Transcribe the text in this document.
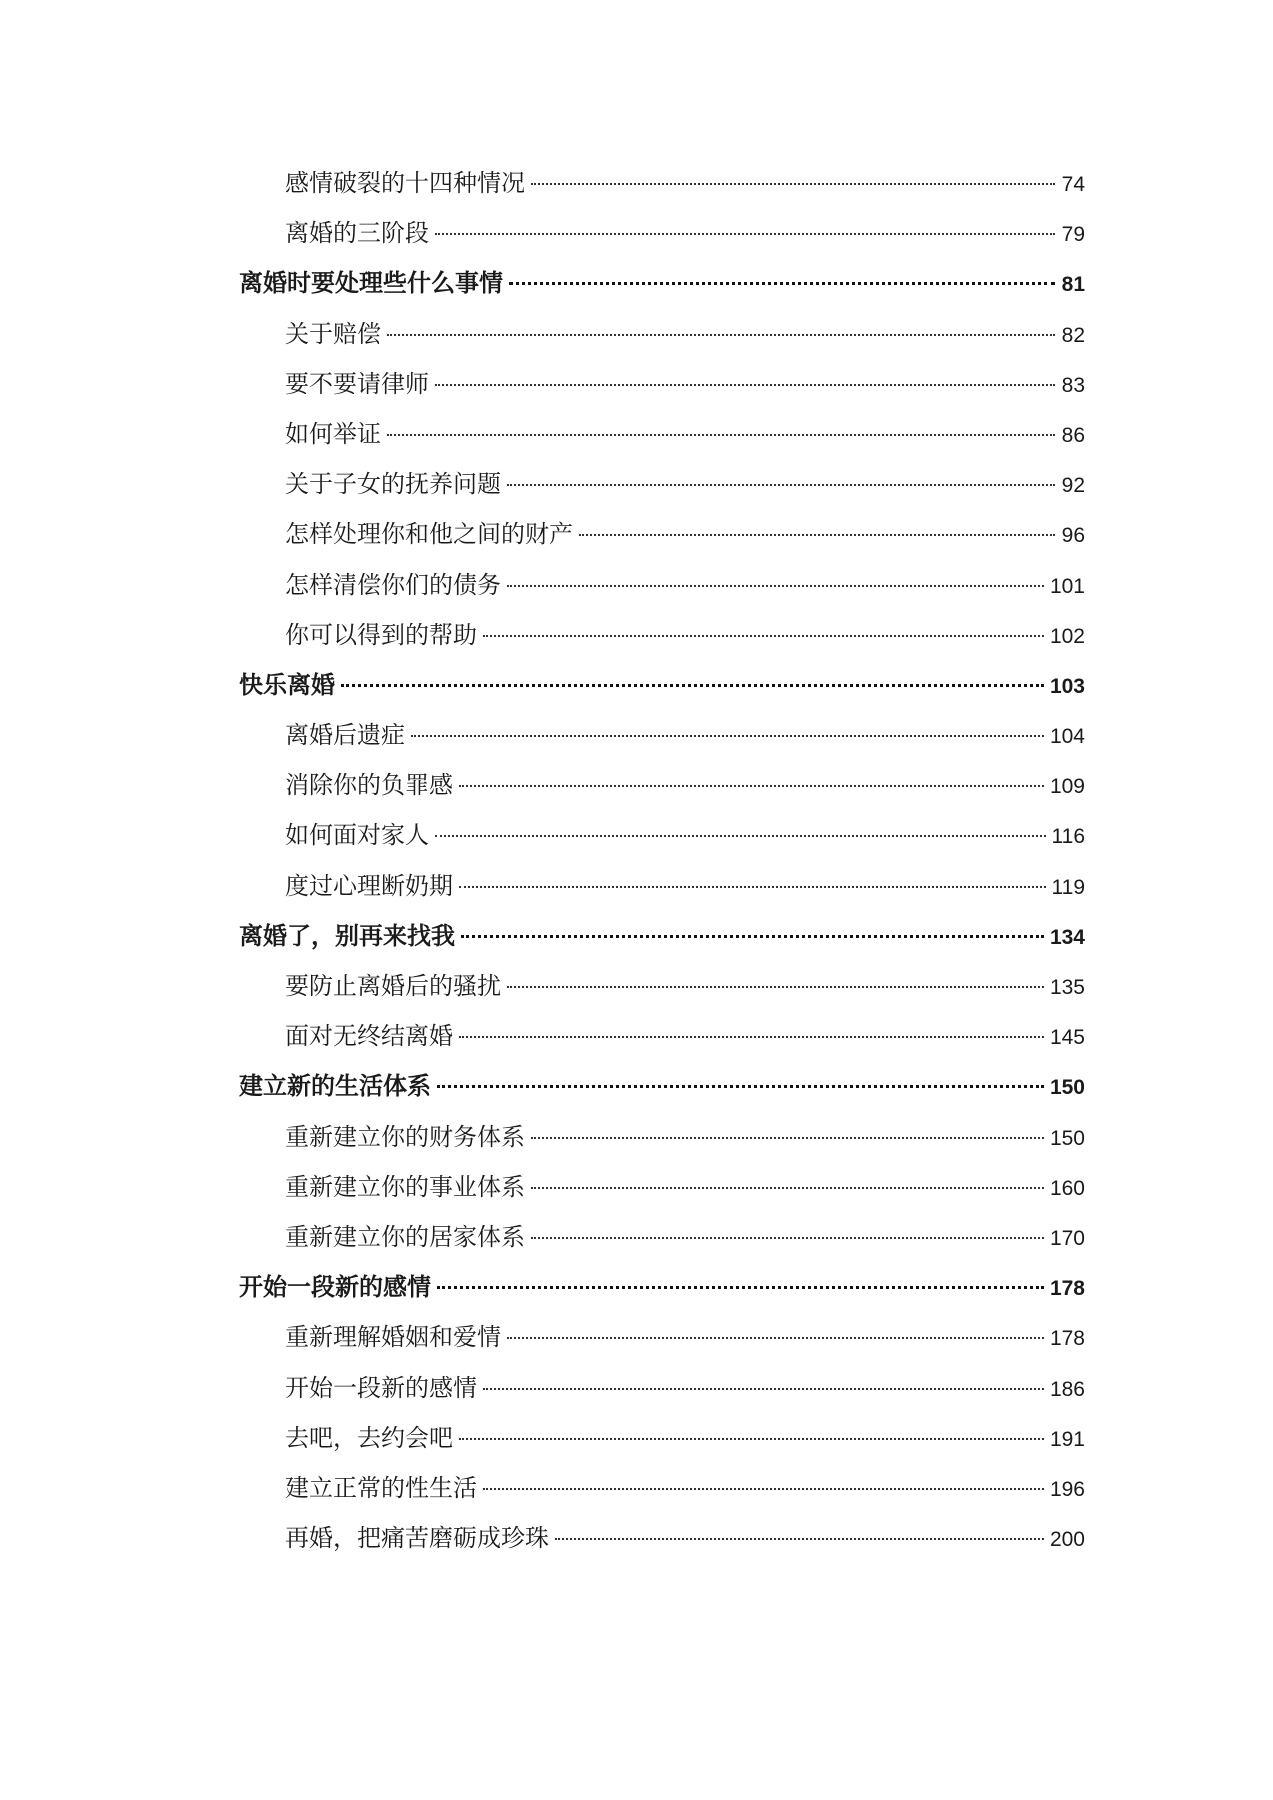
感情破裂的十四种情况	74
离婚的三阶段	79
离婚时要处理些什么事情	81
关于赔偿	82
要不要请律师	83
如何举证	86
关于子女的抚养问题	92
怎样处理你和他之间的财产	96
怎样清偿你们的债务	101
你可以得到的帮助	102
快乐离婚	103
离婚后遗症	104
消除你的负罪感	109
如何面对家人	116
度过心理断奶期	119
离婚了，别再来找我	134
要防止离婚后的骚扰	135
面对无终结离婚	145
建立新的生活体系	150
重新建立你的财务体系	150
重新建立你的事业体系	160
重新建立你的居家体系	170
开始一段新的感情	178
重新理解婚姻和爱情	178
开始一段新的感情	186
去吧，去约会吧	191
建立正常的性生活	196
再婚，把痛苦磨砺成珍珠	200
